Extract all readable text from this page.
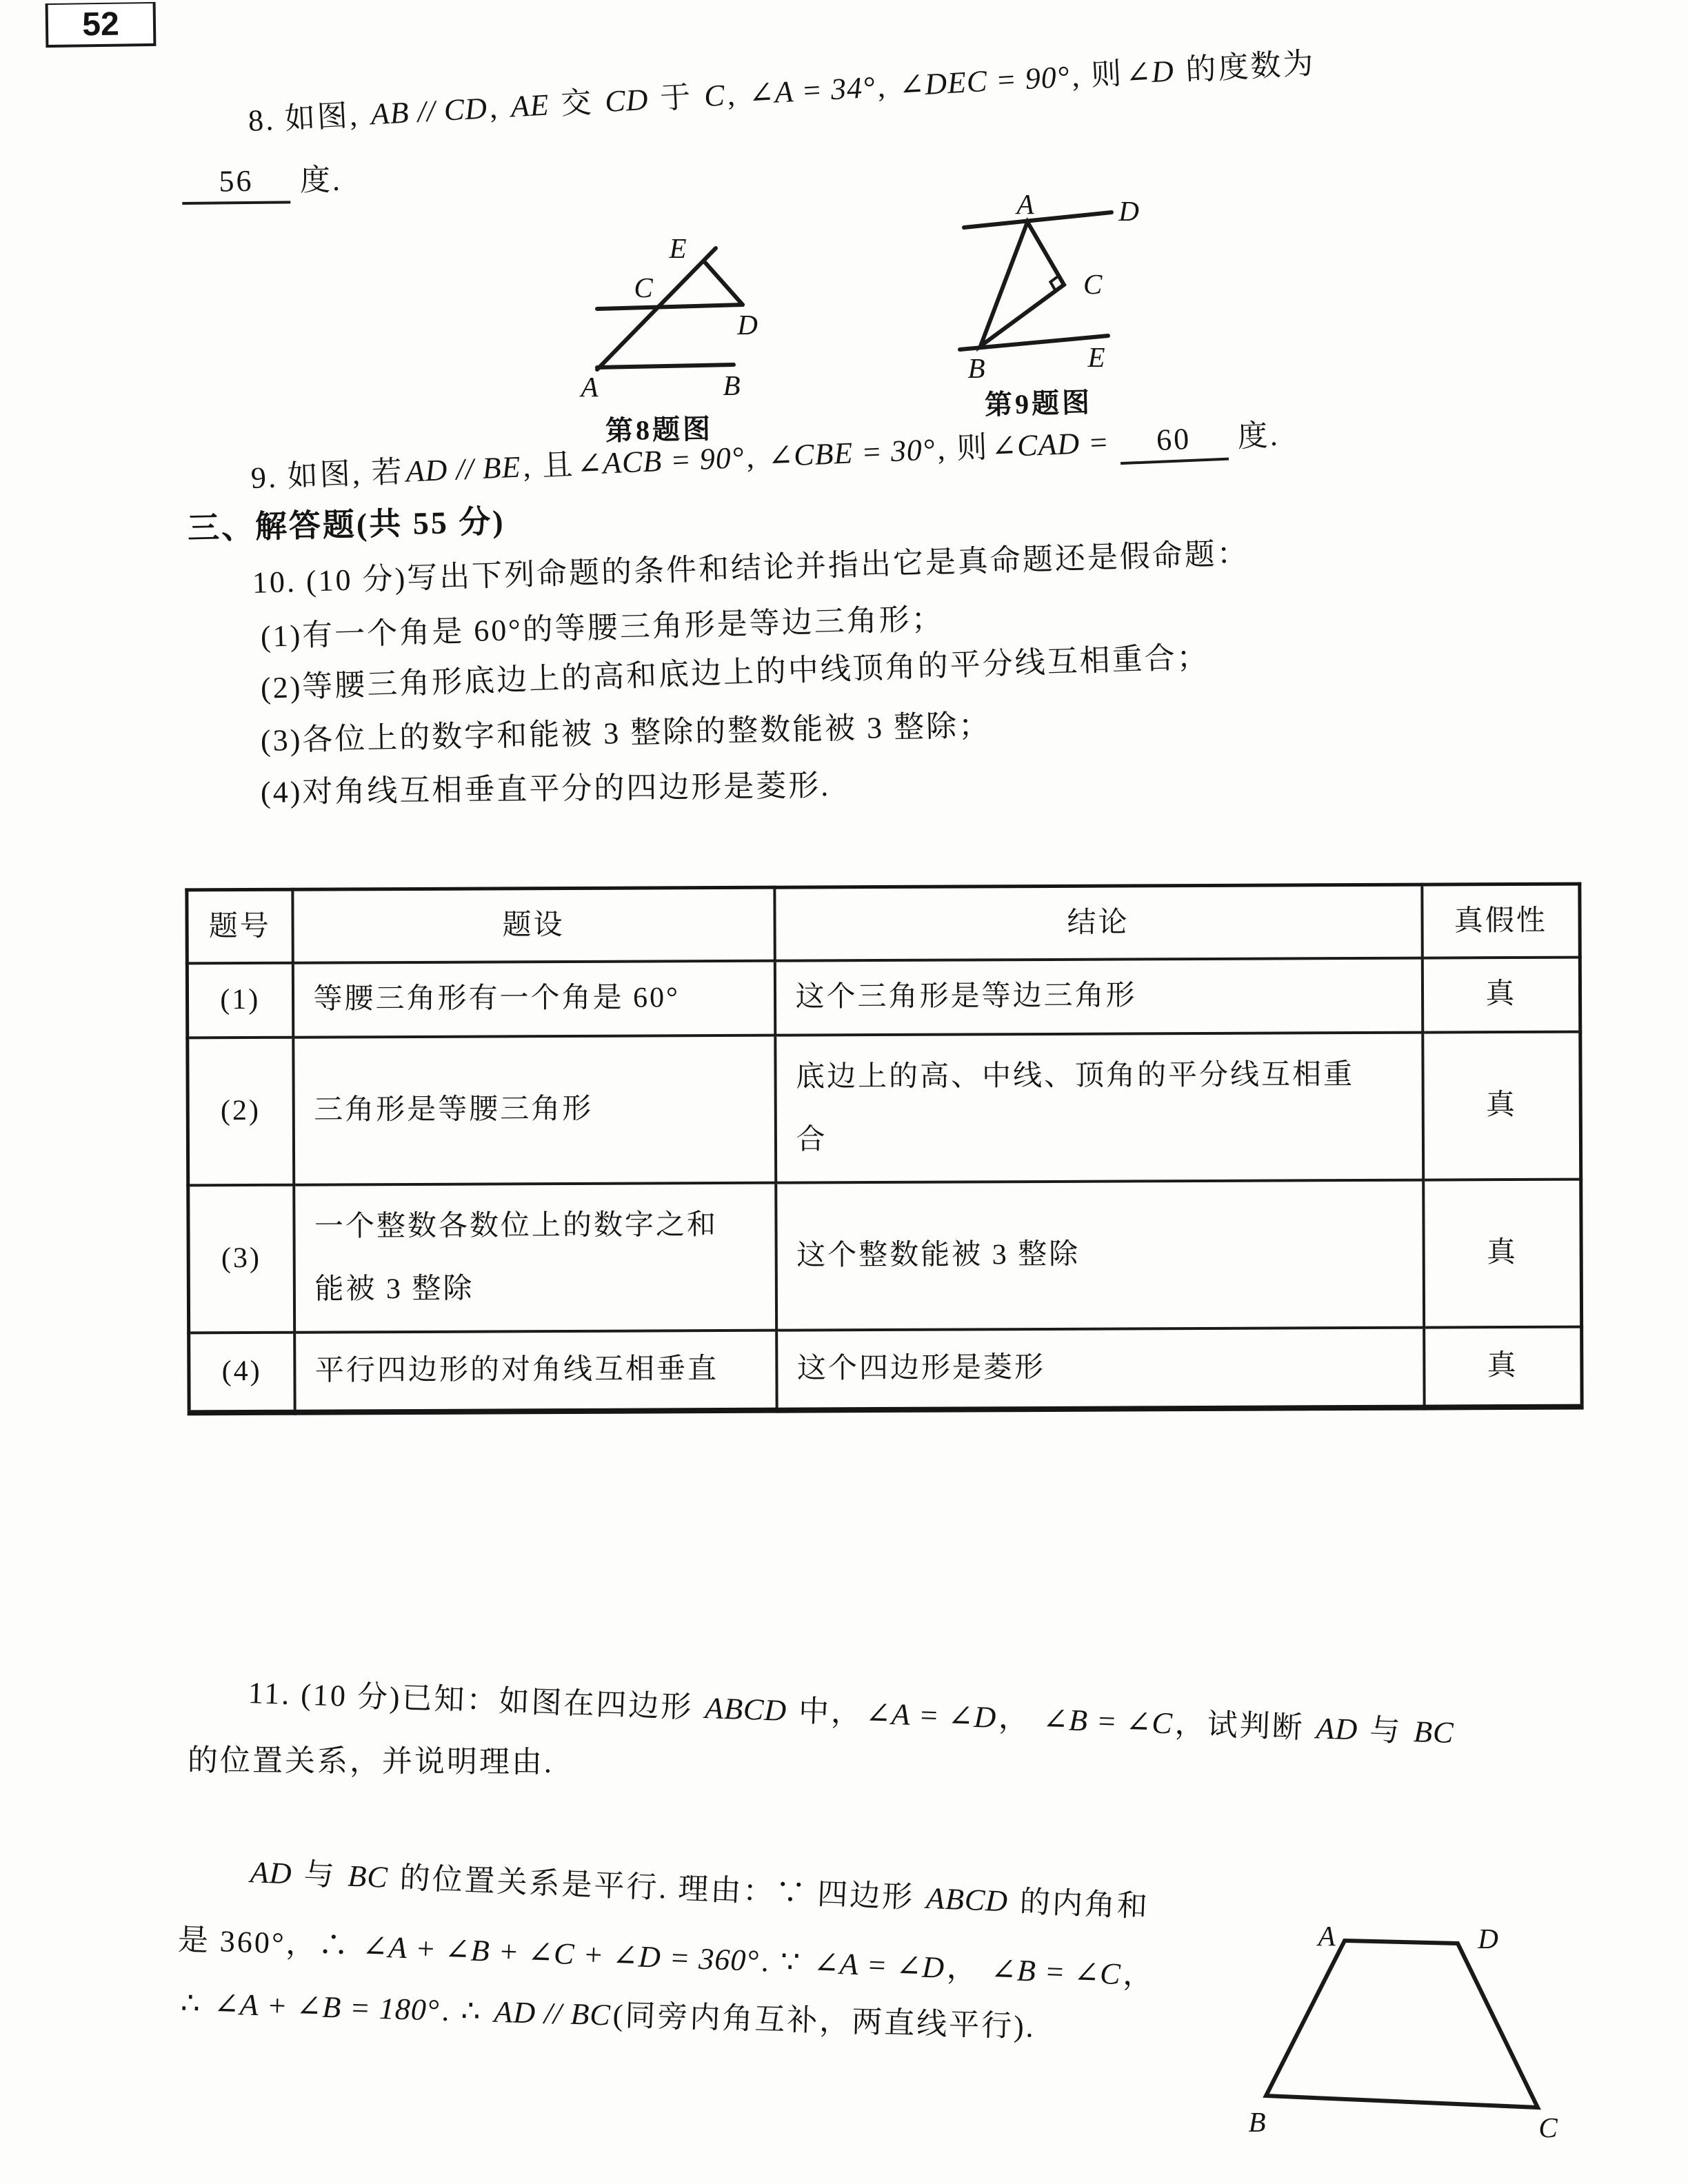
52
8. 如图, AB // CD, AE 交 CD 于 C, ∠A = 34°, ∠DEC = 90°, 则∠D 的度数为
56 度.
E
C
D
A	B
第8题图
A	D
C
B	E
第9题图
9. 如图, 若AD // BE, 且∠ACB = 90°, ∠CBE = 30°, 则∠CAD = 60 度.
三、解答题(共 55 分)
10. (10 分)写出下列命题的条件和结论并指出它是真命题还是假命题：
(1)有一个角是 60°的等腰三角形是等边三角形；
(2)等腰三角形底边上的高和底边上的中线顶角的平分线互相重合；
(3)各位上的数字和能被 3 整除的整数能被 3 整除；
(4)对角线互相垂直平分的四边形是菱形.
题号	题设	结论	真假性
(1)	等腰三角形有一个角是 60°	这个三角形是等边三角形	真
(2)	三角形是等腰三角形	底边上的高、中线、顶角的平分线互相重合	真
(3)	一个整数各数位上的数字之和能被 3 整除	这个整数能被 3 整除	真
(4)	平行四边形的对角线互相垂直	这个四边形是菱形	真
11. (10 分)已知：如图在四边形 ABCD 中，∠A = ∠D， ∠B = ∠C，试判断 AD 与 BC
的位置关系，并说明理由.
AD 与 BC 的位置关系是平行. 理由：∵ 四边形 ABCD 的内角和
是 360°，∴ ∠A + ∠B + ∠C + ∠D = 360°. ∵ ∠A = ∠D， ∠B = ∠C，
∴ ∠A + ∠B = 180°. ∴ AD // BC(同旁内角互补，两直线平行).
A	D
B	C
